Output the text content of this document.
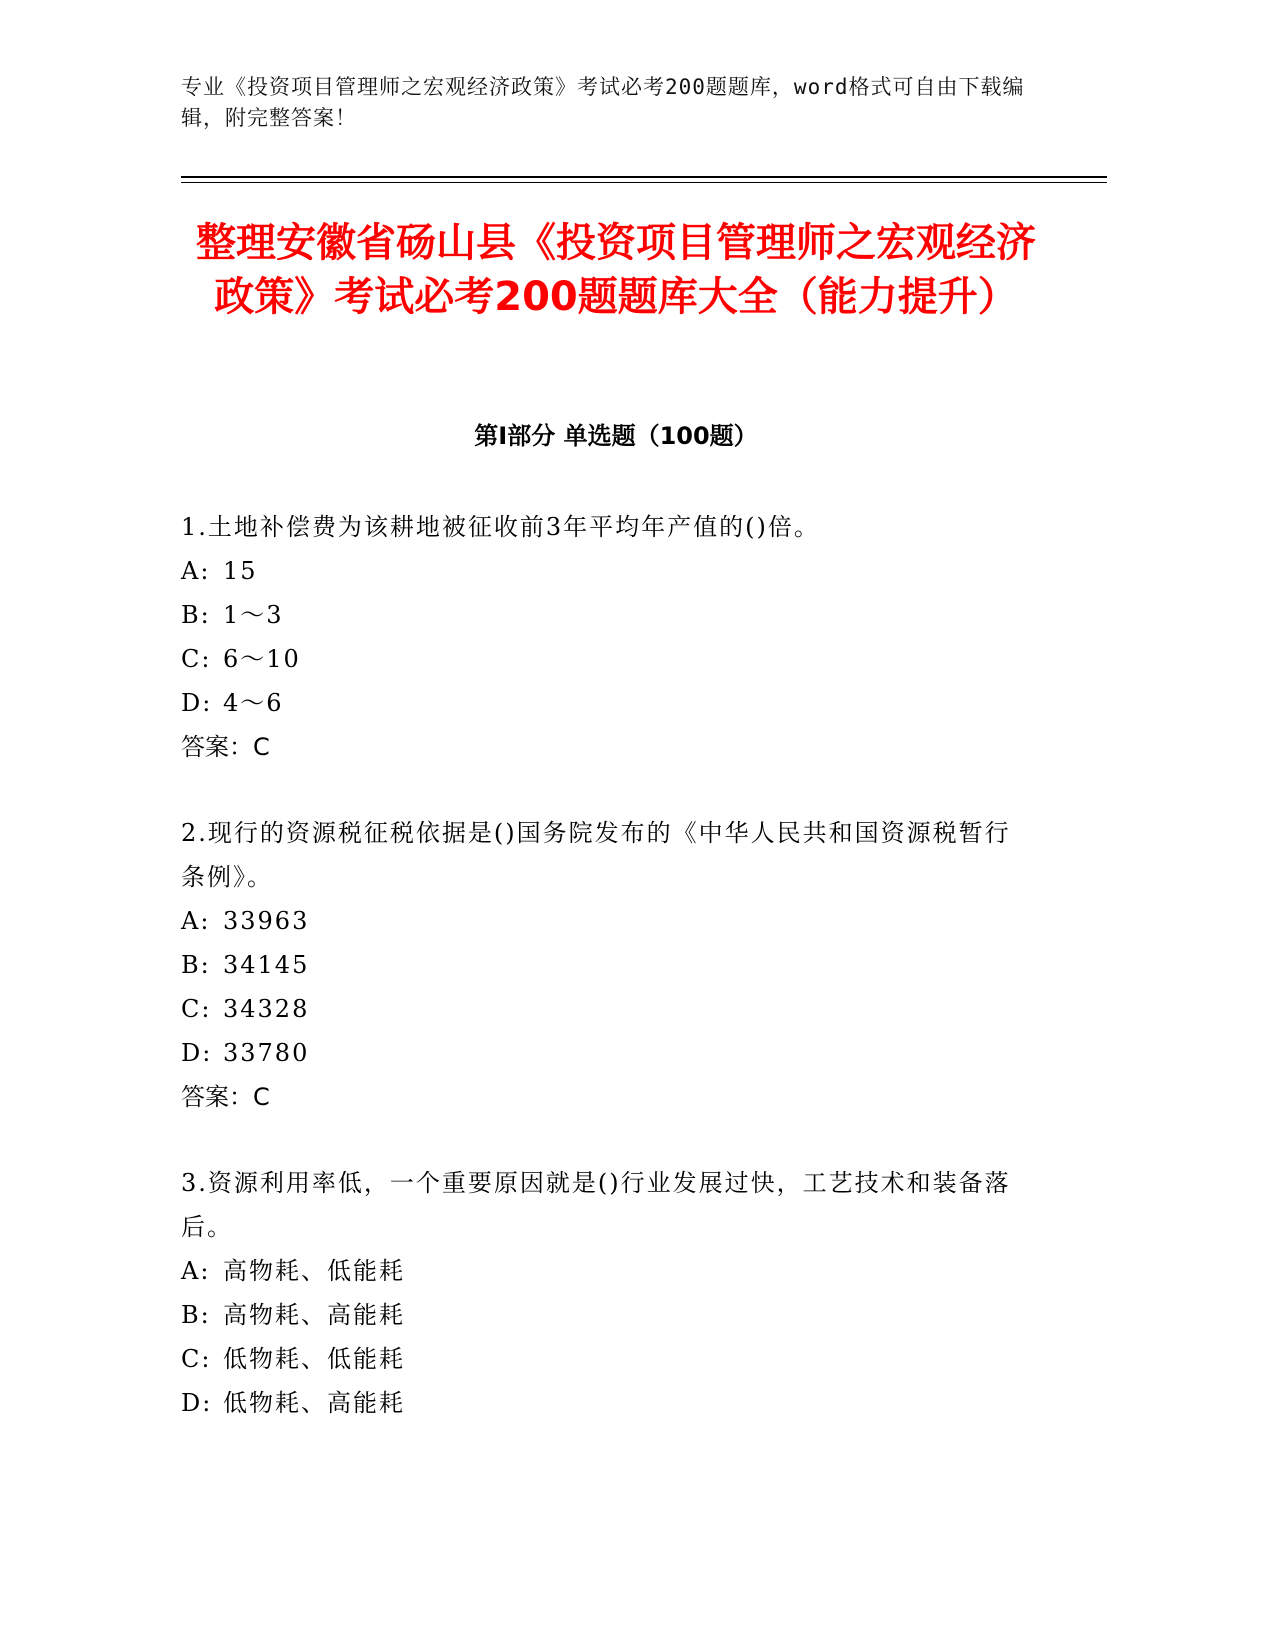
专业《投资项目管理师之宏观经济政策》考试必考200题题库，word格式可自由下载编辑，附完整答案！
整理安徽省砀山县《投资项目管理师之宏观经济政策》考试必考200题题库大全（能力提升）
第Ⅰ部分 单选题（100题）
1.土地补偿费为该耕地被征收前3年平均年产值的()倍。
A: 15
B: 1～3
C: 6～10
D: 4～6
答案：C
2.现行的资源税征税依据是()国务院发布的《中华人民共和国资源税暂行条例》。
A: 33963
B: 34145
C: 34328
D: 33780
答案：C
3.资源利用率低，一个重要原因就是()行业发展过快，工艺技术和装备落后。
A: 高物耗、低能耗
B: 高物耗、高能耗
C: 低物耗、低能耗
D: 低物耗、高能耗
